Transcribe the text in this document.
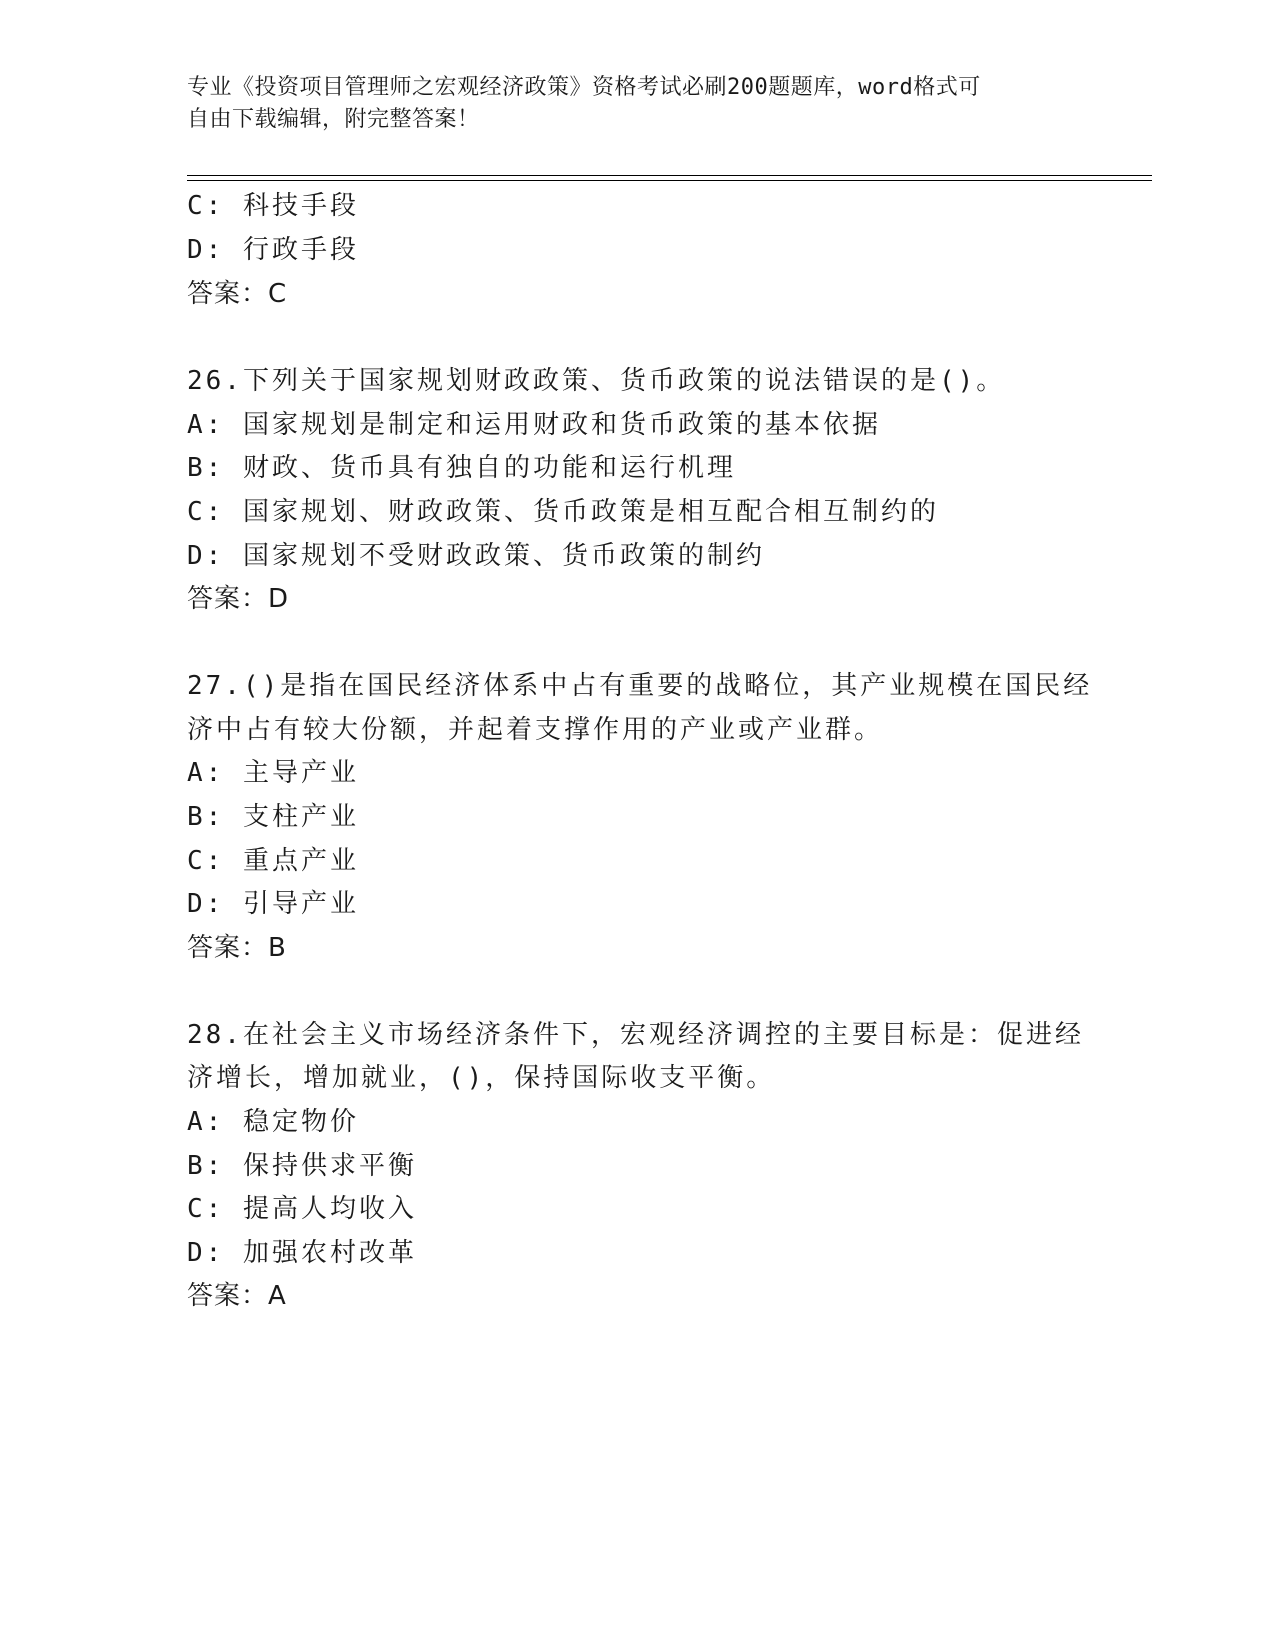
专业《投资项目管理师之宏观经济政策》资格考试必刷200题题库，word格式可
自由下载编辑，附完整答案！
C: 科技手段
D: 行政手段
答案：C
26.下列关于国家规划财政政策、货币政策的说法错误的是()。
A: 国家规划是制定和运用财政和货币政策的基本依据
B: 财政、货币具有独自的功能和运行机理
C: 国家规划、财政政策、货币政策是相互配合相互制约的
D: 国家规划不受财政政策、货币政策的制约
答案：D
27.()是指在国民经济体系中占有重要的战略位，其产业规模在国民经
济中占有较大份额，并起着支撑作用的产业或产业群。
A: 主导产业
B: 支柱产业
C: 重点产业
D: 引导产业
答案：B
28.在社会主义市场经济条件下，宏观经济调控的主要目标是：促进经
济增长，增加就业，()，保持国际收支平衡。
A: 稳定物价
B: 保持供求平衡
C: 提高人均收入
D: 加强农村改革
答案：A
